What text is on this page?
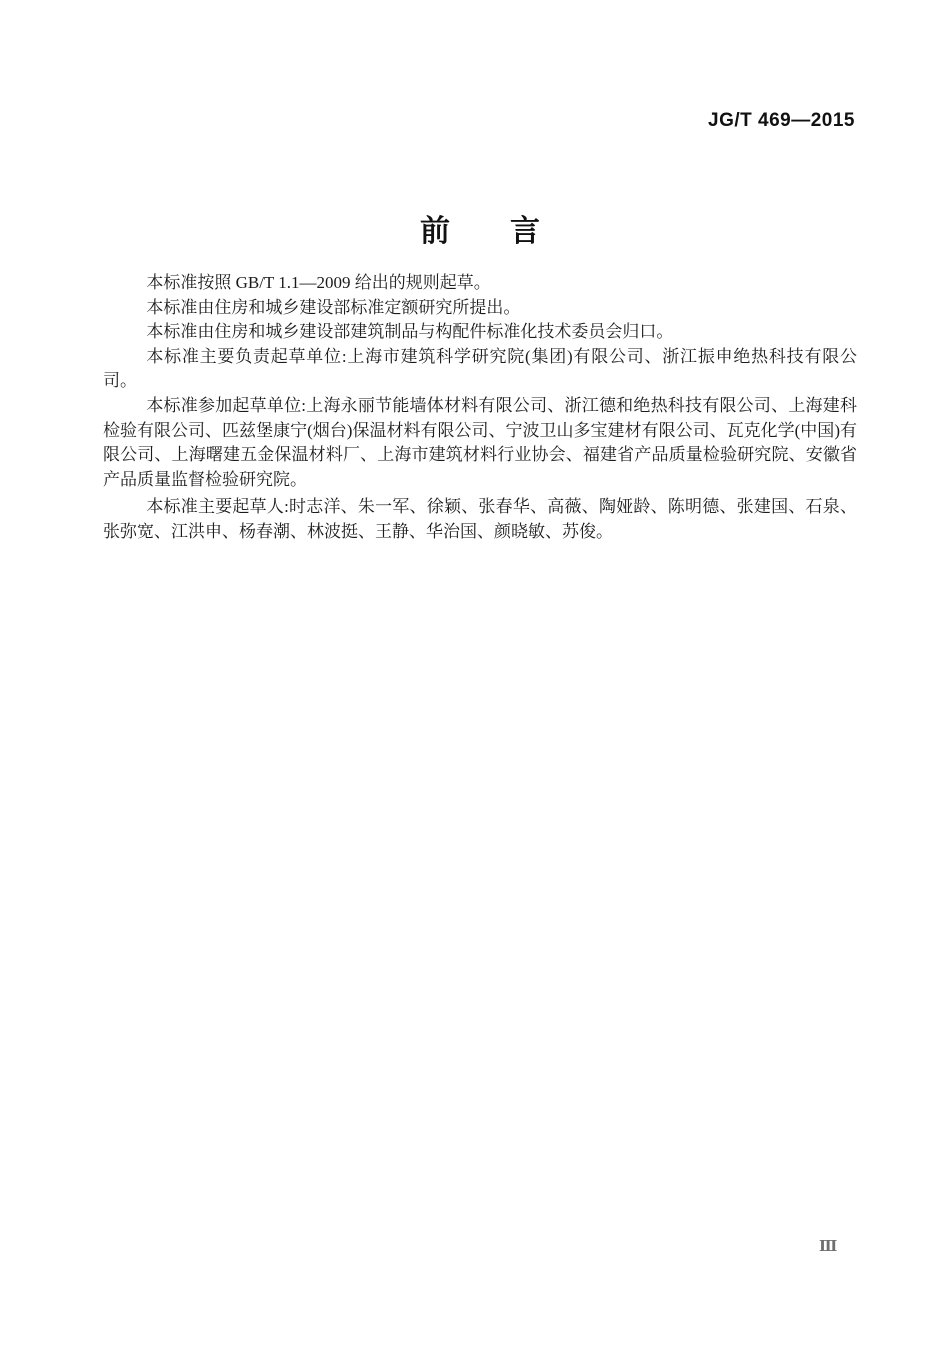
JG/T 469—2015
前　　言

本标准按照 GB/T 1.1—2009 给出的规则起草。

本标准由住房和城乡建设部标准定额研究所提出。

本标准由住房和城乡建设部建筑制品与构配件标准化技术委员会归口。

本标准主要负责起草单位:上海市建筑科学研究院(集团)有限公司、浙江振申绝热科技有限公司。

本标准参加起草单位:上海永丽节能墙体材料有限公司、浙江德和绝热科技有限公司、上海建科检验有限公司、匹兹堡康宁(烟台)保温材料有限公司、宁波卫山多宝建材有限公司、瓦克化学(中国)有限公司、上海曙建五金保温材料厂、上海市建筑材料行业协会、福建省产品质量检验研究院、安徽省产品质量监督检验研究院。

本标准主要起草人:时志洋、朱一军、徐颖、张春华、高薇、陶娅龄、陈明德、张建国、石泉、张弥宽、江洪申、杨春潮、林波挺、王静、华治国、颜晓敏、苏俊。

Ⅲ
